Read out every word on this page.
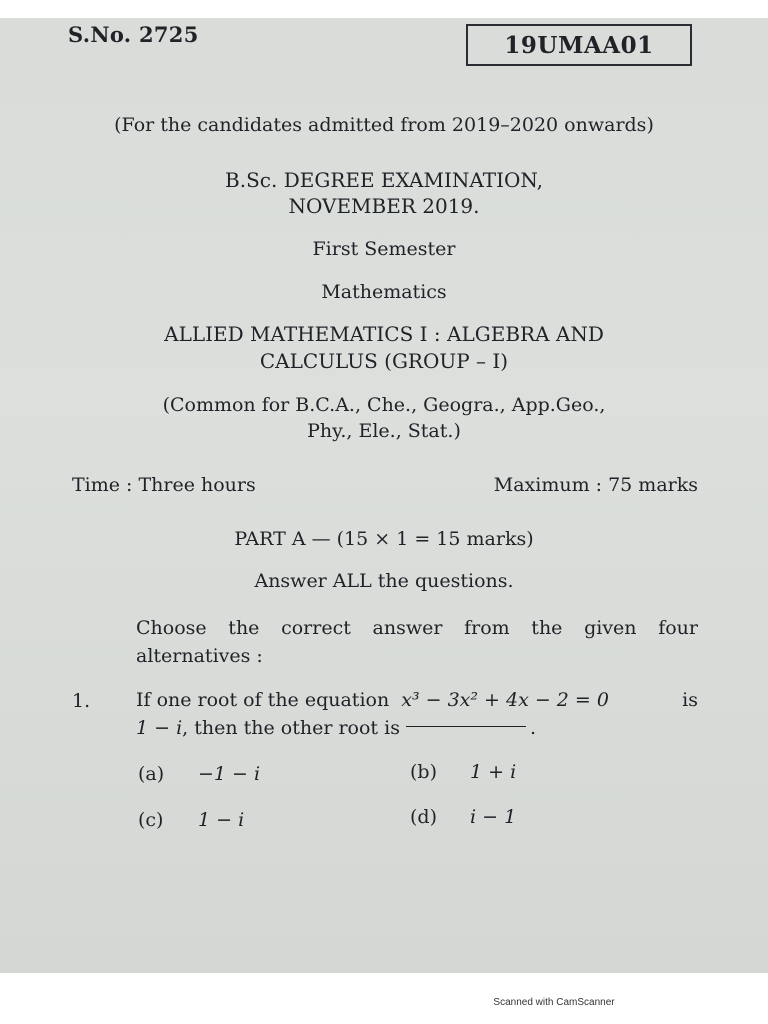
S.No. 2725	19UMAA01
(For the candidates admitted from 2019–2020 onwards)
B.Sc. DEGREE EXAMINATION,
NOVEMBER 2019.
First Semester
Mathematics
ALLIED MATHEMATICS I : ALGEBRA AND
CALCULUS (GROUP – I)
(Common for B.C.A., Che., Geogra., App.Geo.,
Phy., Ele., Stat.)
Time : Three hours	Maximum : 75 marks
PART A — (15 × 1 = 15 marks)
Answer ALL the questions.
Choose the correct answer from the given four alternatives :
1. If one root of the equation x³ − 3x² + 4x − 2 = 0	is
1 − i, then the other root is	.
(a) −1 − i	(b) 1 + i
(c) 1 − i	(d) i − 1
Scanned with CamScanner
